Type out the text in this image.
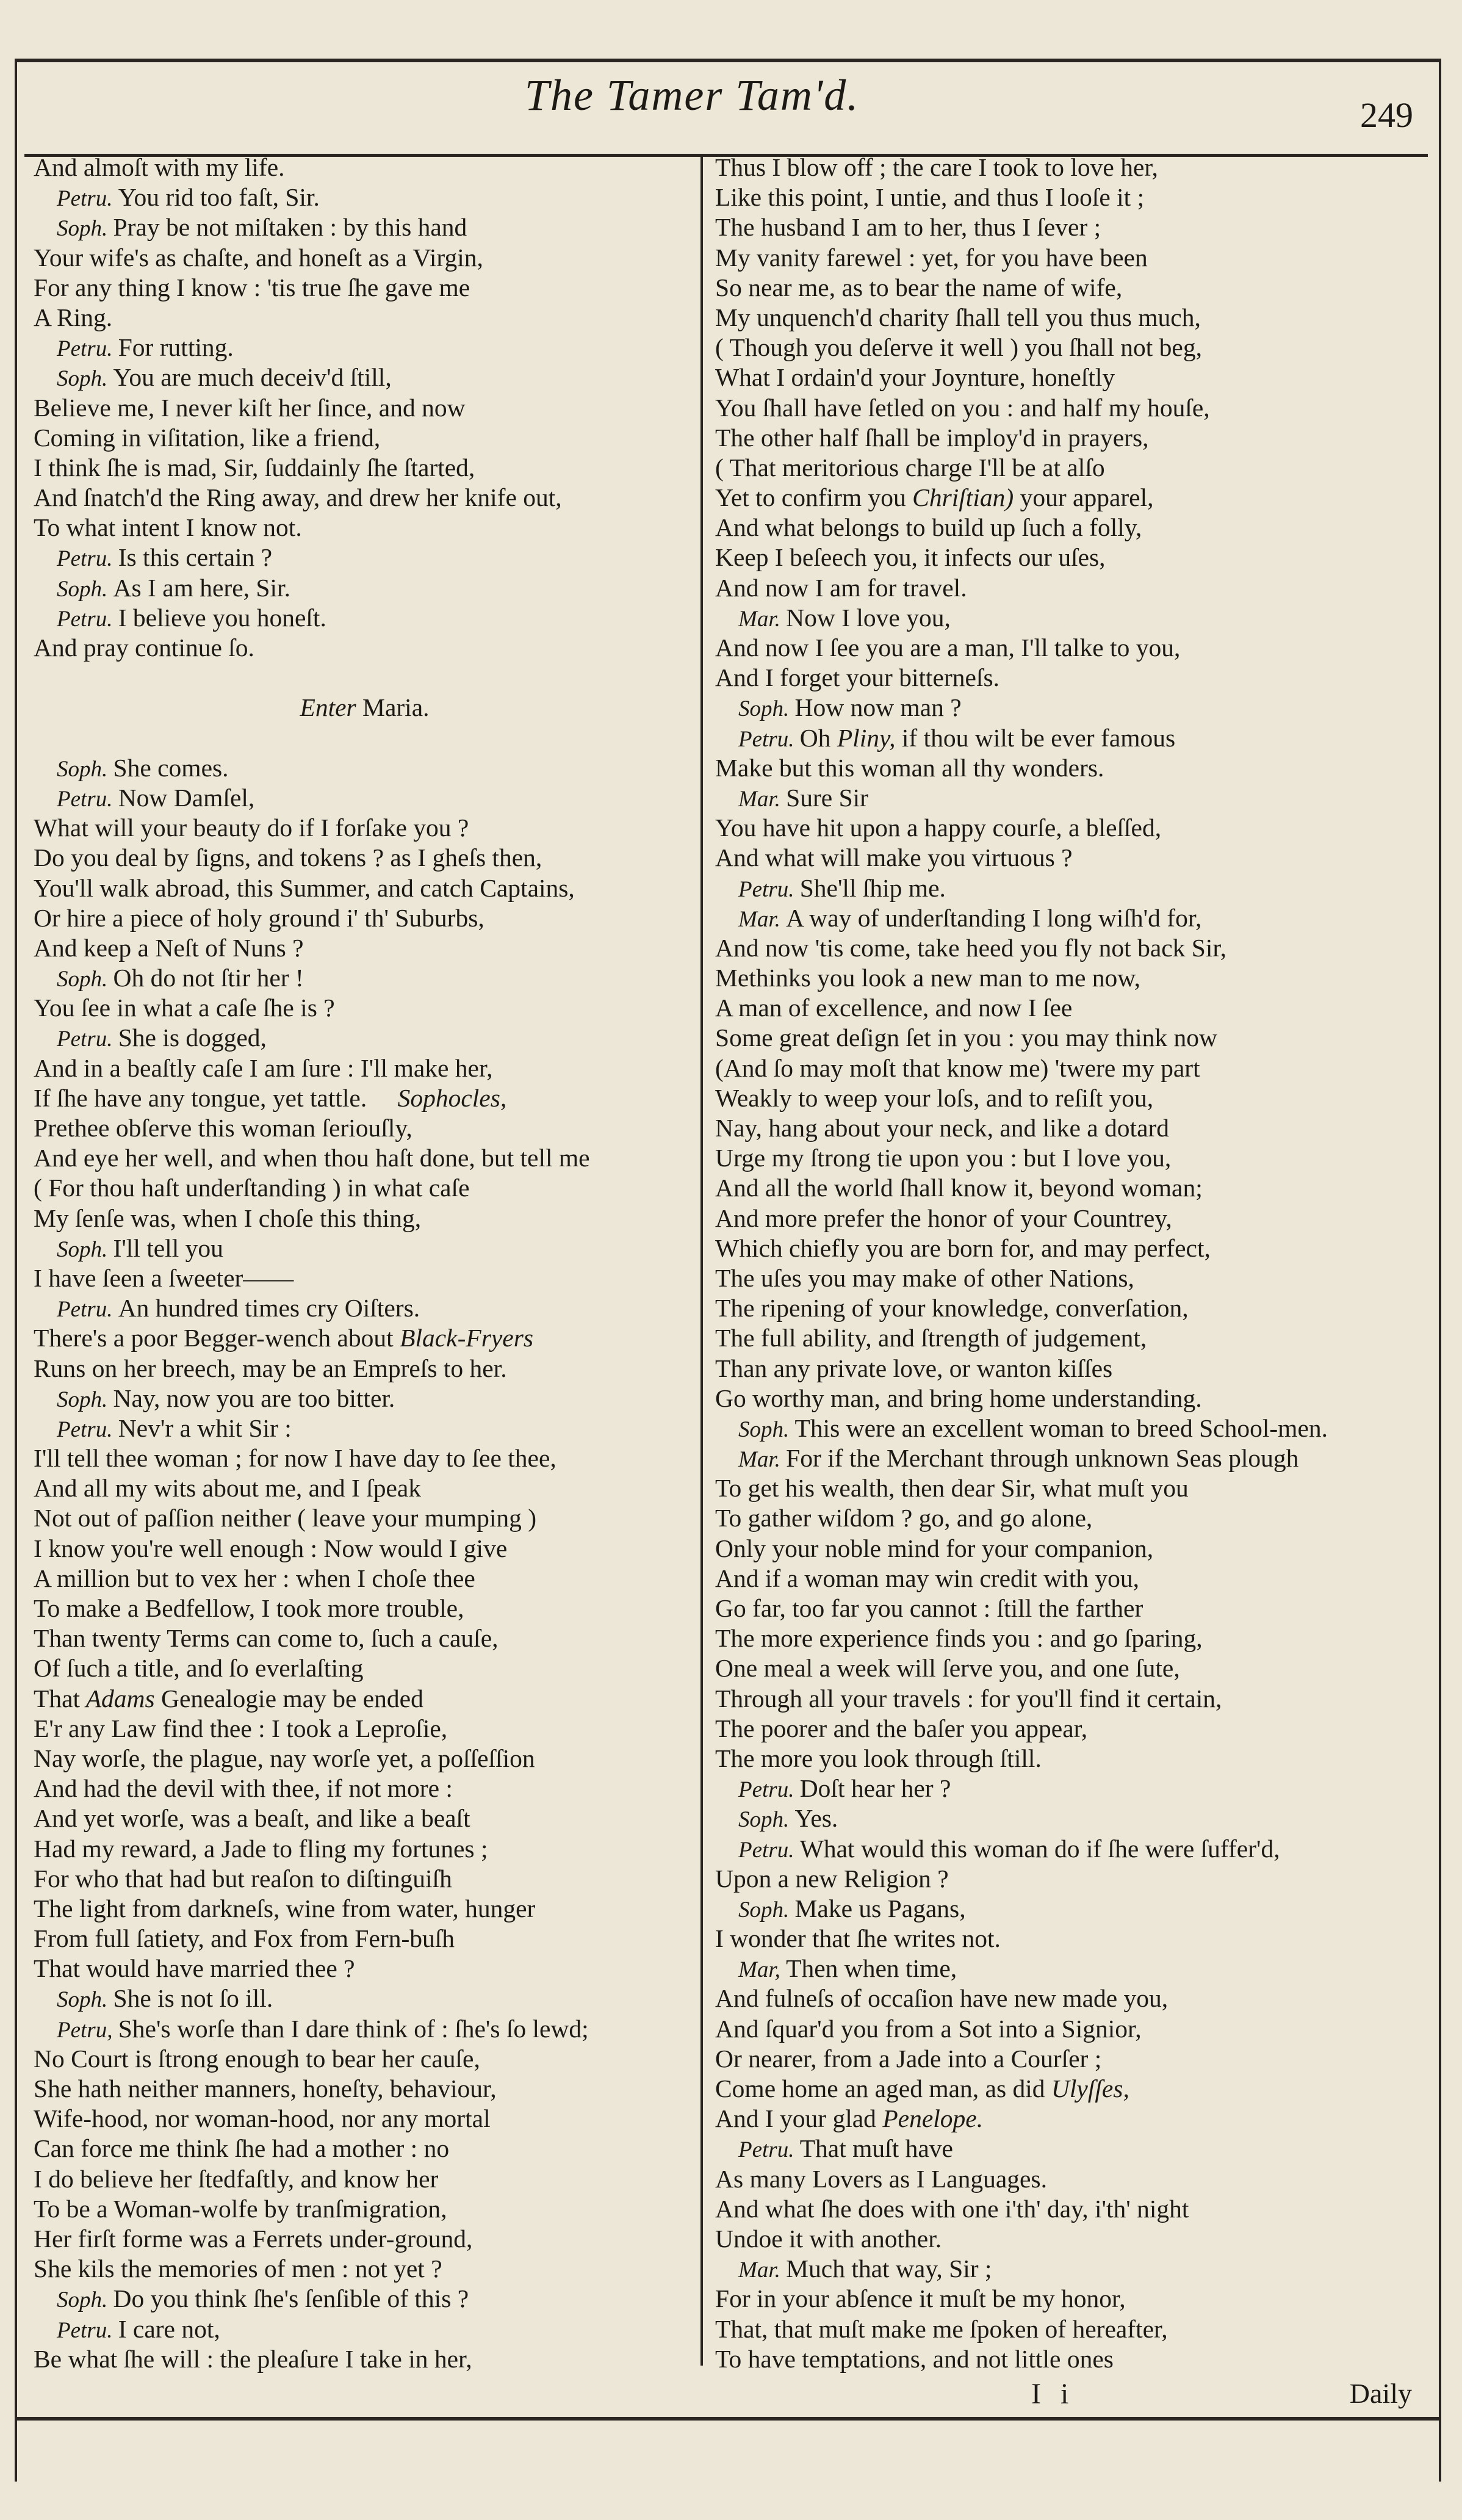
The Tamer Tam'd.	249
And almoſt with my life.
Petru. You rid too faſt, Sir.
Soph. Pray be not miſtaken : by this hand
Your wife's as chaſte, and honeſt as a Virgin,
For any thing I know : 'tis true ſhe gave me
A Ring.
Petru. For rutting.
Soph. You are much deceiv'd ſtill,
Believe me, I never kiſt her ſince, and now
Coming in viſitation, like a friend,
I think ſhe is mad, Sir, ſuddainly ſhe ſtarted,
And ſnatch'd the Ring away, and drew her knife out,
To what intent I know not.
Petru. Is this certain ?
Soph. As I am here, Sir.
Petru. I believe you honeſt.
And pray continue ſo.
Enter Maria.
Soph. She comes.
Petru. Now Damſel,
What will your beauty do if I forſake you ?
Do you deal by ſigns, and tokens ? as I gheſs then,
You'll walk abroad, this Summer, and catch Captains,
Or hire a piece of holy ground i' th' Suburbs,
And keep a Neſt of Nuns ?
Soph. Oh do not ſtir her !
You ſee in what a caſe ſhe is ?
Petru. She is dogged,
And in a beaſtly caſe I am ſure : I'll make her,
If ſhe have any tongue, yet tattle. Sophocles,
Prethee obſerve this woman ſeriouſly,
And eye her well, and when thou haſt done, but tell me
( For thou haſt underſtanding ) in what caſe
My ſenſe was, when I choſe this thing,
Soph. I'll tell you
I have ſeen a ſweeter——
Petru. An hundred times cry Oiſters.
There's a poor Begger-wench about Black-Fryers
Runs on her breech, may be an Empreſs to her.
Soph. Nay, now you are too bitter.
Petru. Nev'r a whit Sir :
I'll tell thee woman ; for now I have day to ſee thee,
And all my wits about me, and I ſpeak
Not out of paſſion neither ( leave your mumping )
I know you're well enough : Now would I give
A million but to vex her : when I choſe thee
To make a Bedfellow, I took more trouble,
Than twenty Terms can come to, ſuch a cauſe,
Of ſuch a title, and ſo everlaſting
That Adams Genealogie may be ended
E'r any Law find thee : I took a Leproſie,
Nay worſe, the plague, nay worſe yet, a poſſeſſion
And had the devil with thee, if not more :
And yet worſe, was a beaſt, and like a beaſt
Had my reward, a Jade to fling my fortunes ;
For who that had but reaſon to diſtinguiſh
The light from darkneſs, wine from water, hunger
From full ſatiety, and Fox from Fern-buſh
That would have married thee ?
Soph. She is not ſo ill.
Petru, She's worſe than I dare think of : ſhe's ſo lewd;
No Court is ſtrong enough to bear her cauſe,
She hath neither manners, honeſty, behaviour,
Wife-hood, nor woman-hood, nor any mortal
Can force me think ſhe had a mother : no
I do believe her ſtedfaſtly, and know her
To be a Woman-wolfe by tranſmigration,
Her firſt forme was a Ferrets under-ground,
She kils the memories of men : not yet ?
Soph. Do you think ſhe's ſenſible of this ?
Petru. I care not,
Be what ſhe will : the pleaſure I take in her,
Thus I blow off ; the care I took to love her,
Like this point, I untie, and thus I looſe it ;
The husband I am to her, thus I ſever ;
My vanity farewel : yet, for you have been
So near me, as to bear the name of wife,
My unquench'd charity ſhall tell you thus much,
( Though you deſerve it well ) you ſhall not beg,
What I ordain'd your Joynture, honeſtly
You ſhall have ſetled on you : and half my houſe,
The other half ſhall be imploy'd in prayers,
( That meritorious charge I'll be at alſo
Yet to confirm you Chriſtian) your apparel,
And what belongs to build up ſuch a folly,
Keep I beſeech you, it infects our uſes,
And now I am for travel.
Mar. Now I love you,
And now I ſee you are a man, I'll talke to you,
And I forget your bitterneſs.
Soph. How now man ?
Petru. Oh Pliny, if thou wilt be ever famous
Make but this woman all thy wonders.
Mar. Sure Sir
You have hit upon a happy courſe, a bleſſed,
And what will make you virtuous ?
Petru. She'll ſhip me.
Mar. A way of underſtanding I long wiſh'd for,
And now 'tis come, take heed you fly not back Sir,
Methinks you look a new man to me now,
A man of excellence, and now I ſee
Some great deſign ſet in you : you may think now
(And ſo may moſt that know me) 'twere my part
Weakly to weep your loſs, and to reſiſt you,
Nay, hang about your neck, and like a dotard
Urge my ſtrong tie upon you : but I love you,
And all the world ſhall know it, beyond woman;
And more prefer the honor of your Countrey,
Which chiefly you are born for, and may perfect,
The uſes you may make of other Nations,
The ripening of your knowledge, converſation,
The full ability, and ſtrength of judgement,
Than any private love, or wanton kiſſes
Go worthy man, and bring home understanding.
Soph. This were an excellent woman to breed School-men.
Mar. For if the Merchant through unknown Seas plough
To get his wealth, then dear Sir, what muſt you
To gather wiſdom ? go, and go alone,
Only your noble mind for your companion,
And if a woman may win credit with you,
Go far, too far you cannot : ſtill the farther
The more experience finds you : and go ſparing,
One meal a week will ſerve you, and one ſute,
Through all your travels : for you'll find it certain,
The poorer and the baſer you appear,
The more you look through ſtill.
Petru. Doſt hear her ?
Soph. Yes.
Petru. What would this woman do if ſhe were ſuffer'd,
Upon a new Religion ?
Soph. Make us Pagans,
I wonder that ſhe writes not.
Mar, Then when time,
And fulneſs of occaſion have new made you,
And ſquar'd you from a Sot into a Signior,
Or nearer, from a Jade into a Courſer ;
Come home an aged man, as did Ulyſſes,
And I your glad Penelope.
Petru. That muſt have
As many Lovers as I Languages.
And what ſhe does with one i'th' day, i'th' night
Undoe it with another.
Mar. Much that way, Sir ;
For in your abſence it muſt be my honor,
That, that muſt make me ſpoken of hereafter,
To have temptations, and not little ones
I i	Daily
